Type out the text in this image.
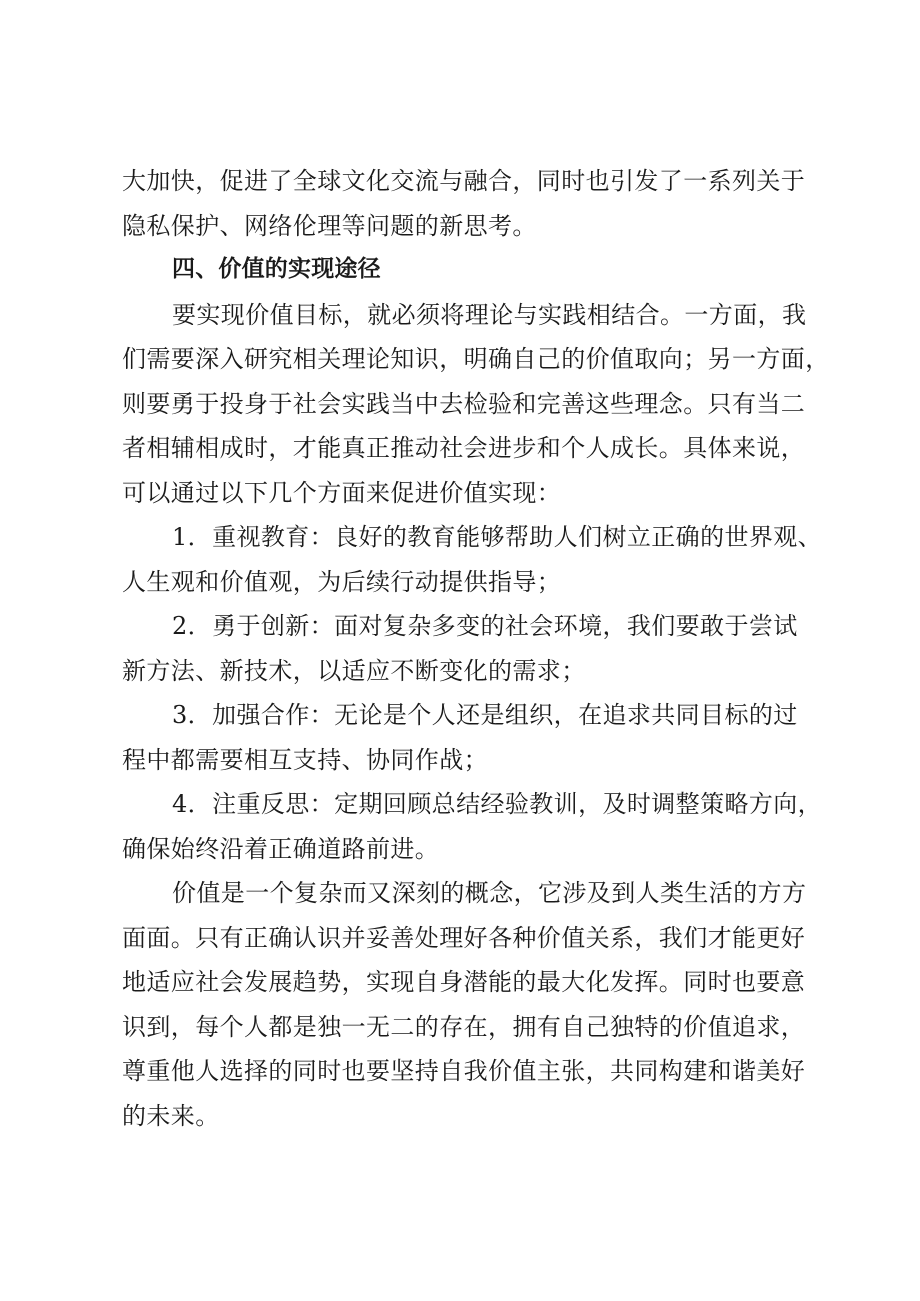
大加快，促进了全球文化交流与融合，同时也引发了一系列关于
隐私保护、网络伦理等问题的新思考。
四、价值的实现途径
要实现价值目标，就必须将理论与实践相结合。一方面，我
们需要深入研究相关理论知识，明确自己的价值取向；另一方面，
则要勇于投身于社会实践当中去检验和完善这些理念。只有当二
者相辅相成时，才能真正推动社会进步和个人成长。具体来说，
可以通过以下几个方面来促进价值实现：
1．重视教育：良好的教育能够帮助人们树立正确的世界观、
人生观和价值观，为后续行动提供指导；
2．勇于创新：面对复杂多变的社会环境，我们要敢于尝试
新方法、新技术，以适应不断变化的需求；
3．加强合作：无论是个人还是组织，在追求共同目标的过
程中都需要相互支持、协同作战；
4．注重反思：定期回顾总结经验教训，及时调整策略方向，
确保始终沿着正确道路前进。
价值是一个复杂而又深刻的概念，它涉及到人类生活的方方
面面。只有正确认识并妥善处理好各种价值关系，我们才能更好
地适应社会发展趋势，实现自身潜能的最大化发挥。同时也要意
识到，每个人都是独一无二的存在，拥有自己独特的价值追求，
尊重他人选择的同时也要坚持自我价值主张，共同构建和谐美好
的未来。
